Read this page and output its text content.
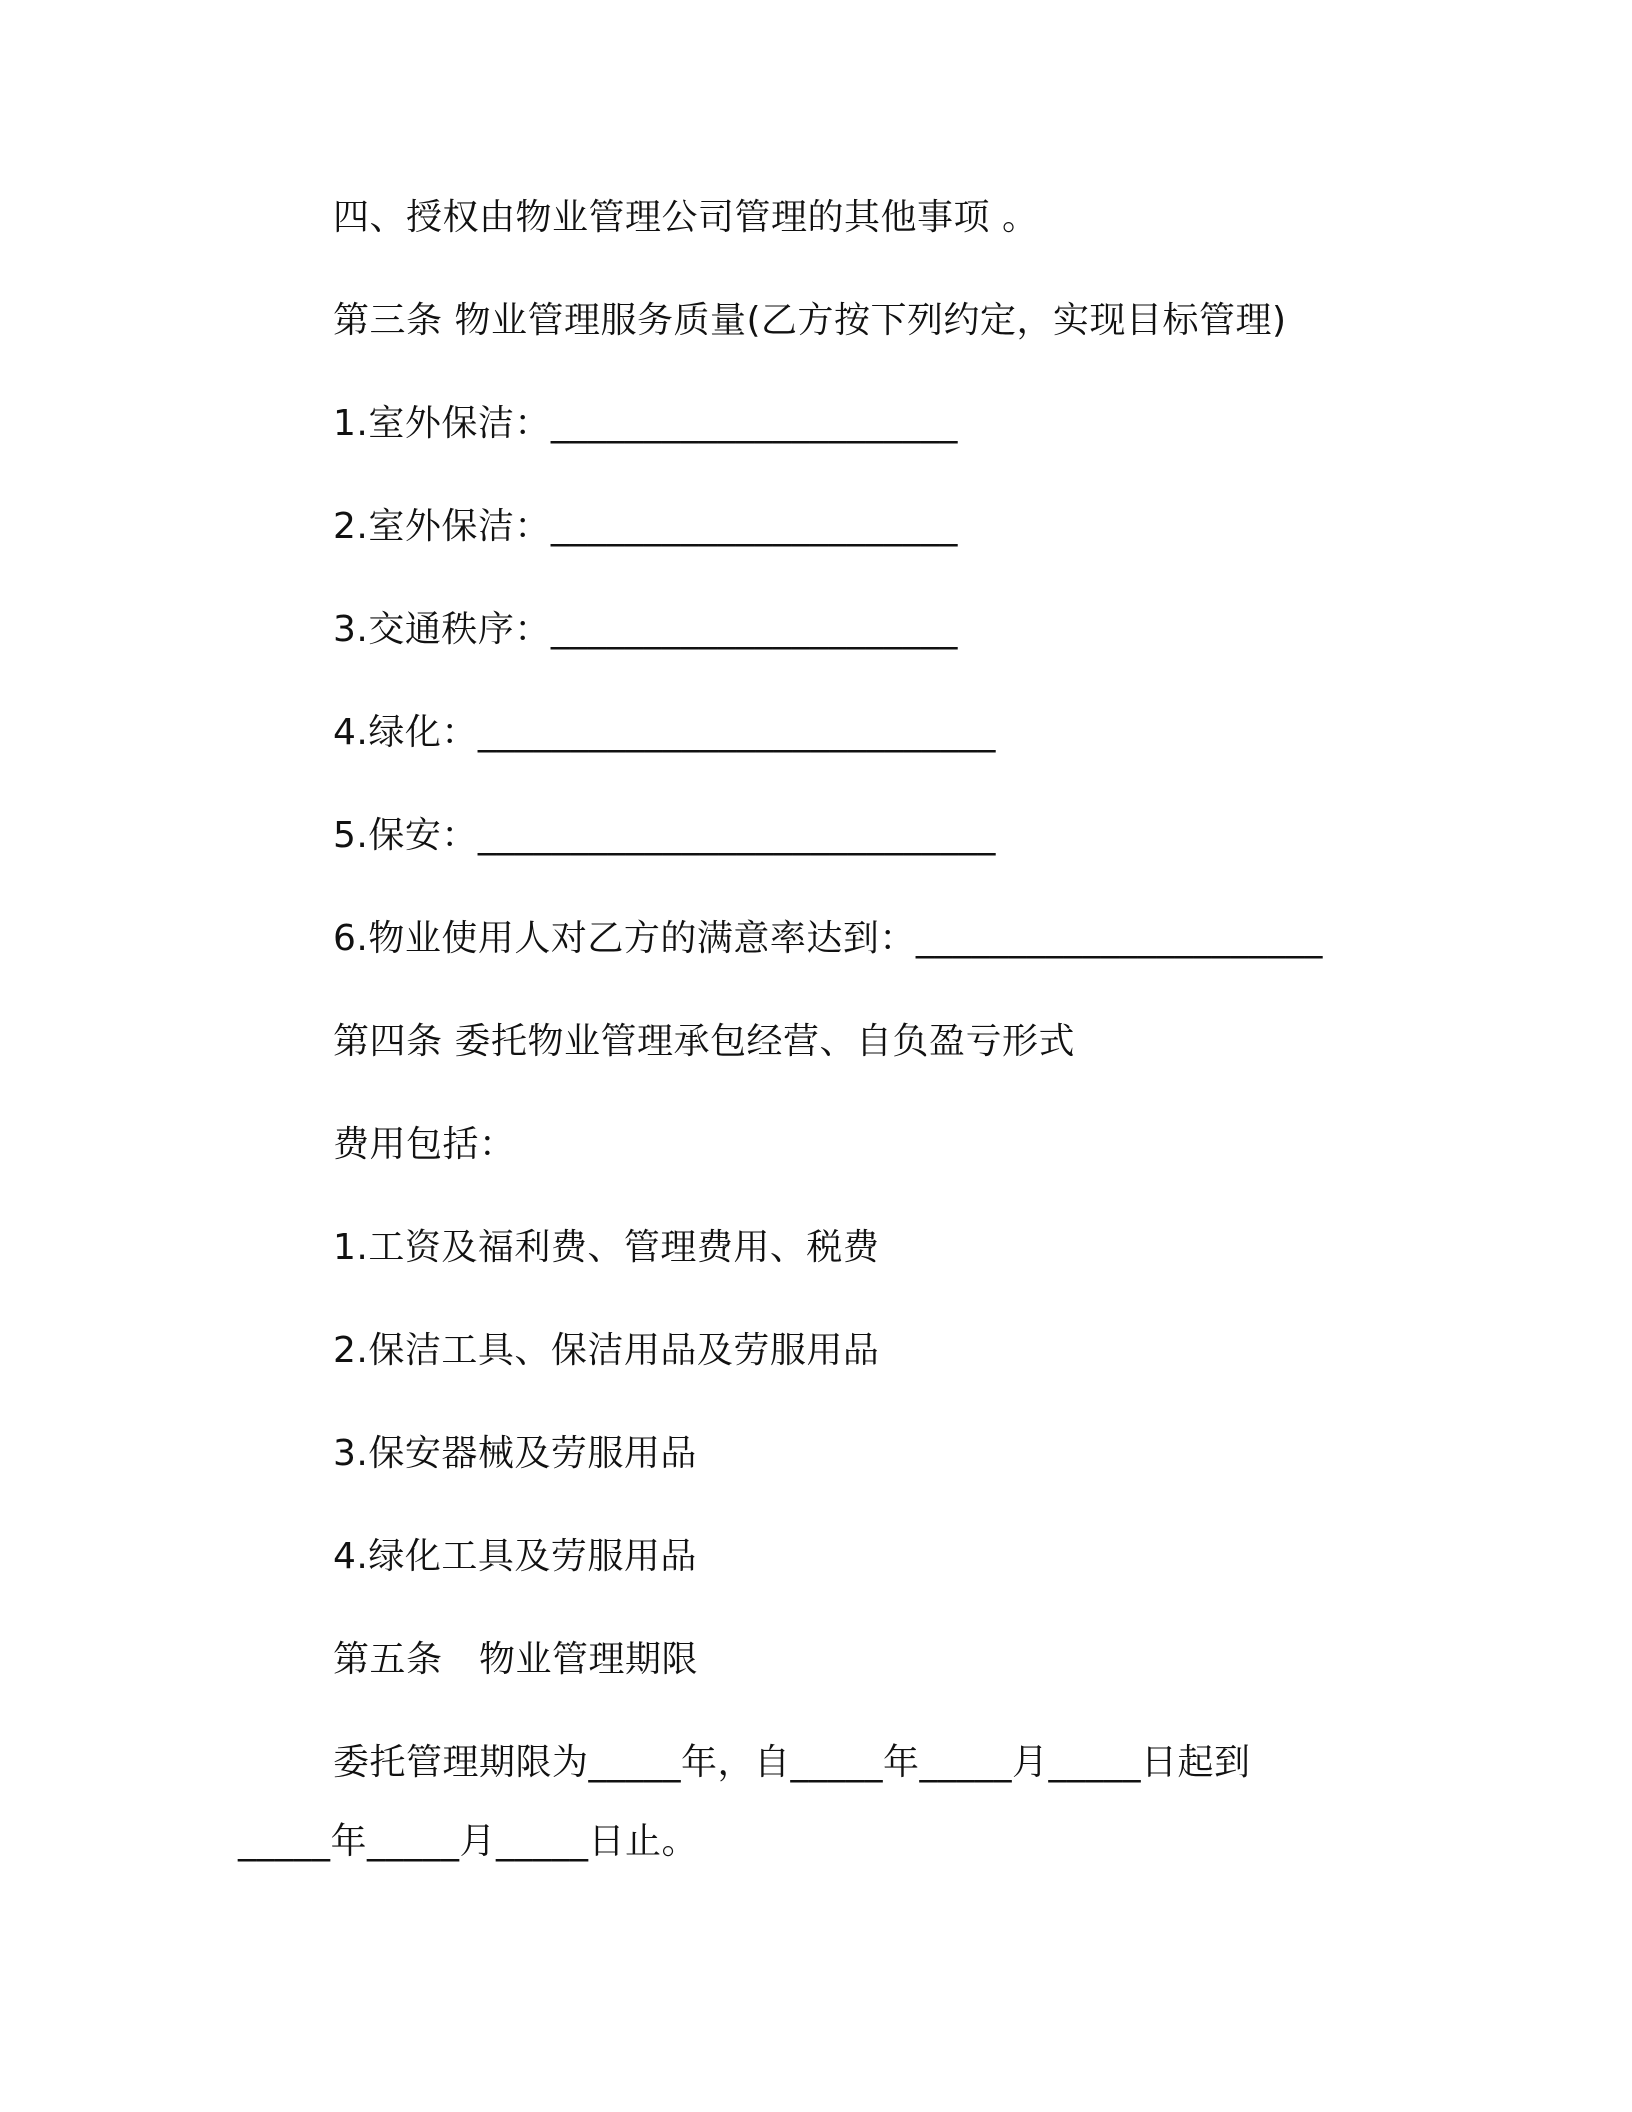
四、授权由物业管理公司管理的其他事项 。
第三条 物业管理服务质量(乙方按下列约定，实现目标管理)
1.室外保洁：______________________
2.室外保洁：______________________
3.交通秩序：______________________
4.绿化：____________________________
5.保安：____________________________
6.物业使用人对乙方的满意率达到：______________________
第四条 委托物业管理承包经营、自负盈亏形式
费用包括：
1.工资及福利费、管理费用、税费
2.保洁工具、保洁用品及劳服用品
3.保安器械及劳服用品
4.绿化工具及劳服用品
第五条　物业管理期限
委托管理期限为_____年，自_____年_____月_____日起到
_____年_____月_____日止。
